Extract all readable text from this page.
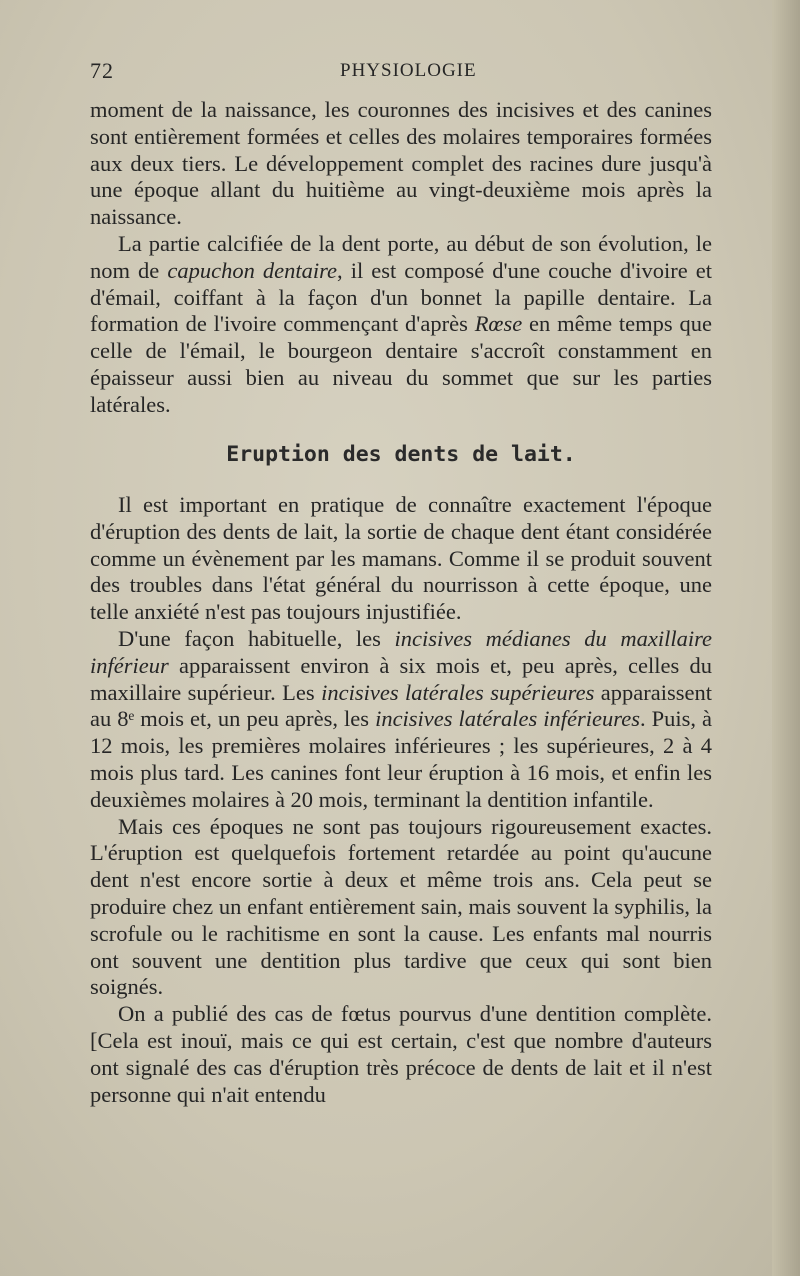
72	PHYSIOLOGIE

moment de la naissance, les couronnes des incisives et des canines sont entièrement formées et celles des molaires temporaires formées aux deux tiers. Le développement complet des racines dure jusqu'à une époque allant du huitième au vingt-deuxième mois après la naissance.

La partie calcifiée de la dent porte, au début de son évolution, le nom de capuchon dentaire, il est composé d'une couche d'ivoire et d'émail, coiffant à la façon d'un bonnet la papille dentaire. La formation de l'ivoire commençant d'après Rœse en même temps que celle de l'émail, le bourgeon dentaire s'accroît constamment en épaisseur aussi bien au niveau du sommet que sur les parties latérales.

Eruption des dents de lait.

Il est important en pratique de connaître exactement l'époque d'éruption des dents de lait, la sortie de chaque dent étant considérée comme un évènement par les mamans. Comme il se produit souvent des troubles dans l'état général du nourrisson à cette époque, une telle anxiété n'est pas toujours injustifiée.

D'une façon habituelle, les incisives médianes du maxillaire inférieur apparaissent environ à six mois et, peu après, celles du maxillaire supérieur. Les incisives latérales supérieures apparaissent au 8ᵉ mois et, un peu après, les incisives latérales inférieures. Puis, à 12 mois, les premières molaires inférieures ; les supérieures, 2 à 4 mois plus tard. Les canines font leur éruption à 16 mois, et enfin les deuxièmes molaires à 20 mois, terminant la dentition infantile.

Mais ces époques ne sont pas toujours rigoureusement exactes. L'éruption est quelquefois fortement retardée au point qu'aucune dent n'est encore sortie à deux et même trois ans. Cela peut se produire chez un enfant entièrement sain, mais souvent la syphilis, la scrofule ou le rachitisme en sont la cause. Les enfants mal nourris ont souvent une dentition plus tardive que ceux qui sont bien soignés.

On a publié des cas de fœtus pourvus d'une dentition complète. [Cela est inouï, mais ce qui est certain, c'est que nombre d'auteurs ont signalé des cas d'éruption très précoce de dents de lait et il n'est personne qui n'ait entendu
